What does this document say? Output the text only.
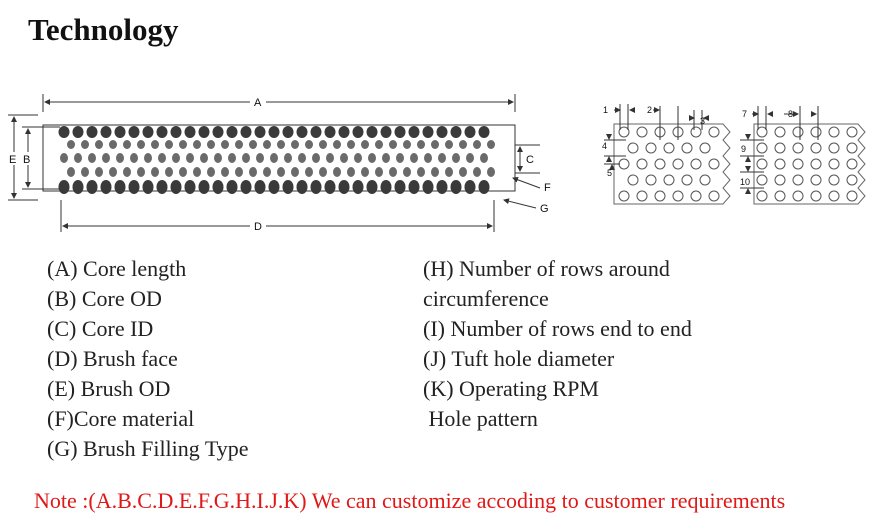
Technology
A
E B	C
F
G
D
1	2
3
4
5
7	8
9
10
(A) Core length
(B) Core OD
(C) Core ID
(D) Brush face
(E) Brush OD
(F)Core material
(G) Brush Filling Type
(H) Number of rows around
circumference
(I) Number of rows end to end
(J) Tuft hole diameter
(K) Operating RPM
Hole pattern
Note :(A.B.C.D.E.F.G.H.I.J.K) We can customize accoding to customer requirements
